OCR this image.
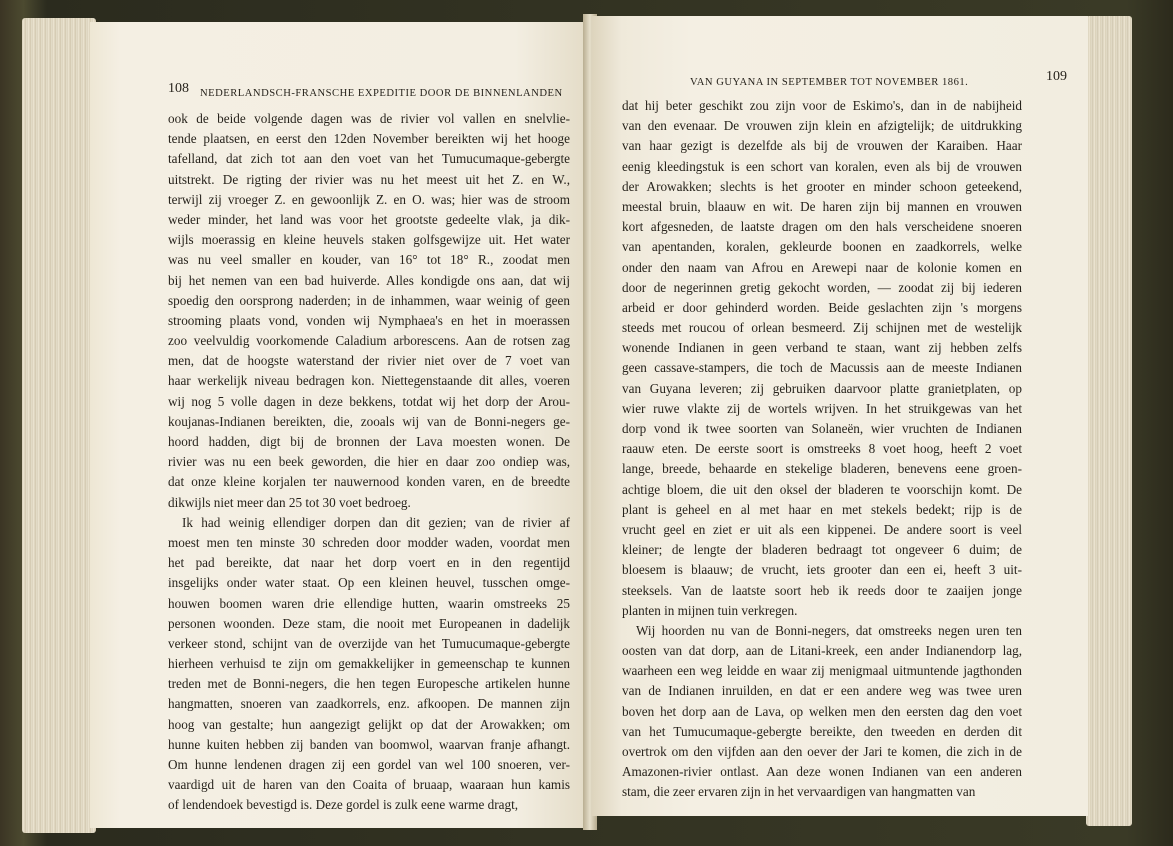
108 NEDERLANDSCH-FRANSCHE EXPEDITIE DOOR DE BINNENLANDEN
ook de beide volgende dagen was de rivier vol vallen en snelvlie-
tende plaatsen, en eerst den 12den November bereikten wij het hooge
tafelland, dat zich tot aan den voet van het Tumucumaque-gebergte
uitstrekt. De rigting der rivier was nu het meest uit het Z. en W.,
terwijl zij vroeger Z. en gewoonlijk Z. en O. was; hier was de stroom
weder minder, het land was voor het grootste gedeelte vlak, ja dik-
wijls moerassig en kleine heuvels staken golfsgewijze uit. Het water
was nu veel smaller en kouder, van 16° tot 18° R., zoodat men
bij het nemen van een bad huiverde. Alles kondigde ons aan, dat wij
spoedig den oorsprong naderden; in de inhammen, waar weinig of geen
strooming plaats vond, vonden wij Nymphaea's en het in moerassen
zoo veelvuldig voorkomende Caladium arborescens. Aan de rotsen zag
men, dat de hoogste waterstand der rivier niet over de 7 voet van
haar werkelijk niveau bedragen kon. Niettegenstaande dit alles, voeren
wij nog 5 volle dagen in deze bekkens, totdat wij het dorp der Arou-
koujanas-Indianen bereikten, die, zooals wij van de Bonni-negers ge-
hoord hadden, digt bij de bronnen der Lava moesten wonen. De
rivier was nu een beek geworden, die hier en daar zoo ondiep was,
dat onze kleine korjalen ter nauwernood konden varen, en de breedte
dikwijls niet meer dan 25 tot 30 voet bedroeg.
Ik had weinig ellendiger dorpen dan dit gezien; van de rivier af
moest men ten minste 30 schreden door modder waden, voordat men
het pad bereikte, dat naar het dorp voert en in den regentijd
insgelijks onder water staat. Op een kleinen heuvel, tusschen omge-
houwen boomen waren drie ellendige hutten, waarin omstreeks 25
personen woonden. Deze stam, die nooit met Europeanen in dadelijk
verkeer stond, schijnt van de overzijde van het Tumucumaque-gebergte
hierheen verhuisd te zijn om gemakkelijker in gemeenschap te kunnen
treden met de Bonni-negers, die hen tegen Europesche artikelen hunne
hangmatten, snoeren van zaadkorrels, enz. afkoopen. De mannen zijn
hoog van gestalte; hun aangezigt gelijkt op dat der Arowakken; om
hunne kuiten hebben zij banden van boomwol, waarvan franje afhangt.
Om hunne lendenen dragen zij een gordel van wel 100 snoeren, ver-
vaardigd uit de haren van den Coaita of bruaap, waaraan hun kamis
of lendendoek bevestigd is. Deze gordel is zulk eene warme dragt,
VAN GUYANA IN SEPTEMBER TOT NOVEMBER 1861.	109
dat hij beter geschikt zou zijn voor de Eskimo's, dan in de nabijheid
van den evenaar. De vrouwen zijn klein en afzigtelijk; de uitdrukking
van haar gezigt is dezelfde als bij de vrouwen der Karaiben. Haar
eenig kleedingstuk is een schort van koralen, even als bij de vrouwen
der Arowakken; slechts is het grooter en minder schoon geteekend,
meestal bruin, blaauw en wit. De haren zijn bij mannen en vrouwen
kort afgesneden, de laatste dragen om den hals verscheidene snoeren
van apentanden, koralen, gekleurde boonen en zaadkorrels, welke
onder den naam van Afrou en Arewepi naar de kolonie komen en
door de negerinnen gretig gekocht worden, — zoodat zij bij iederen
arbeid er door gehinderd worden. Beide geslachten zijn 's morgens
steeds met roucou of orlean besmeerd. Zij schijnen met de westelijk
wonende Indianen in geen verband te staan, want zij hebben zelfs
geen cassave-stampers, die toch de Macussis aan de meeste Indianen
van Guyana leveren; zij gebruiken daarvoor platte granietplaten, op
wier ruwe vlakte zij de wortels wrijven. In het struikgewas van het
dorp vond ik twee soorten van Solaneën, wier vruchten de Indianen
raauw eten. De eerste soort is omstreeks 8 voet hoog, heeft 2 voet
lange, breede, behaarde en stekelige bladeren, benevens eene groen-
achtige bloem, die uit den oksel der bladeren te voorschijn komt. De
plant is geheel en al met haar en met stekels bedekt; rijp is de
vrucht geel en ziet er uit als een kippenei. De andere soort is veel
kleiner; de lengte der bladeren bedraagt tot ongeveer 6 duim; de
bloesem is blaauw; de vrucht, iets grooter dan een ei, heeft 3 uit-
steeksels. Van de laatste soort heb ik reeds door te zaaijen jonge
planten in mijnen tuin verkregen.
Wij hoorden nu van de Bonni-negers, dat omstreeks negen uren ten
oosten van dat dorp, aan de Litani-kreek, een ander Indianendorp lag,
waarheen een weg leidde en waar zij menigmaal uitmuntende jagthonden
van de Indianen inruilden, en dat er een andere weg was twee uren
boven het dorp aan de Lava, op welken men den eersten dag den voet
van het Tumucumaque-gebergte bereikte, den tweeden en derden dit
overtrok om den vijfden aan den oever der Jari te komen, die zich in de
Amazonen-rivier ontlast. Aan deze wonen Indianen van een anderen
stam, die zeer ervaren zijn in het vervaardigen van hangmatten van
